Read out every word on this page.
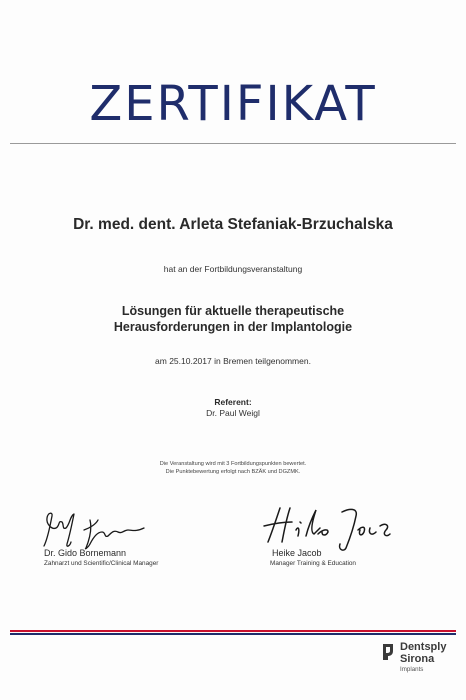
ZERTIFIKAT
Dr. med. dent. Arleta Stefaniak-Brzuchalska
hat an der Fortbildungsveranstaltung
Lösungen für aktuelle therapeutische
Herausforderungen in der Implantologie
am 25.10.2017 in Bremen teilgenommen.
Referent:
Dr. Paul Weigl
Die Veranstaltung wird mit 3 Fortbildungspunkten bewertet.
Die Punktebewertung erfolgt nach BZÄK und DGZMK.
Dr. Gido Bornemann
Zahnarzt und Scientific/Clinical Manager
Heike Jacob
Manager Training & Education
Dentsply
Sirona
Implants
